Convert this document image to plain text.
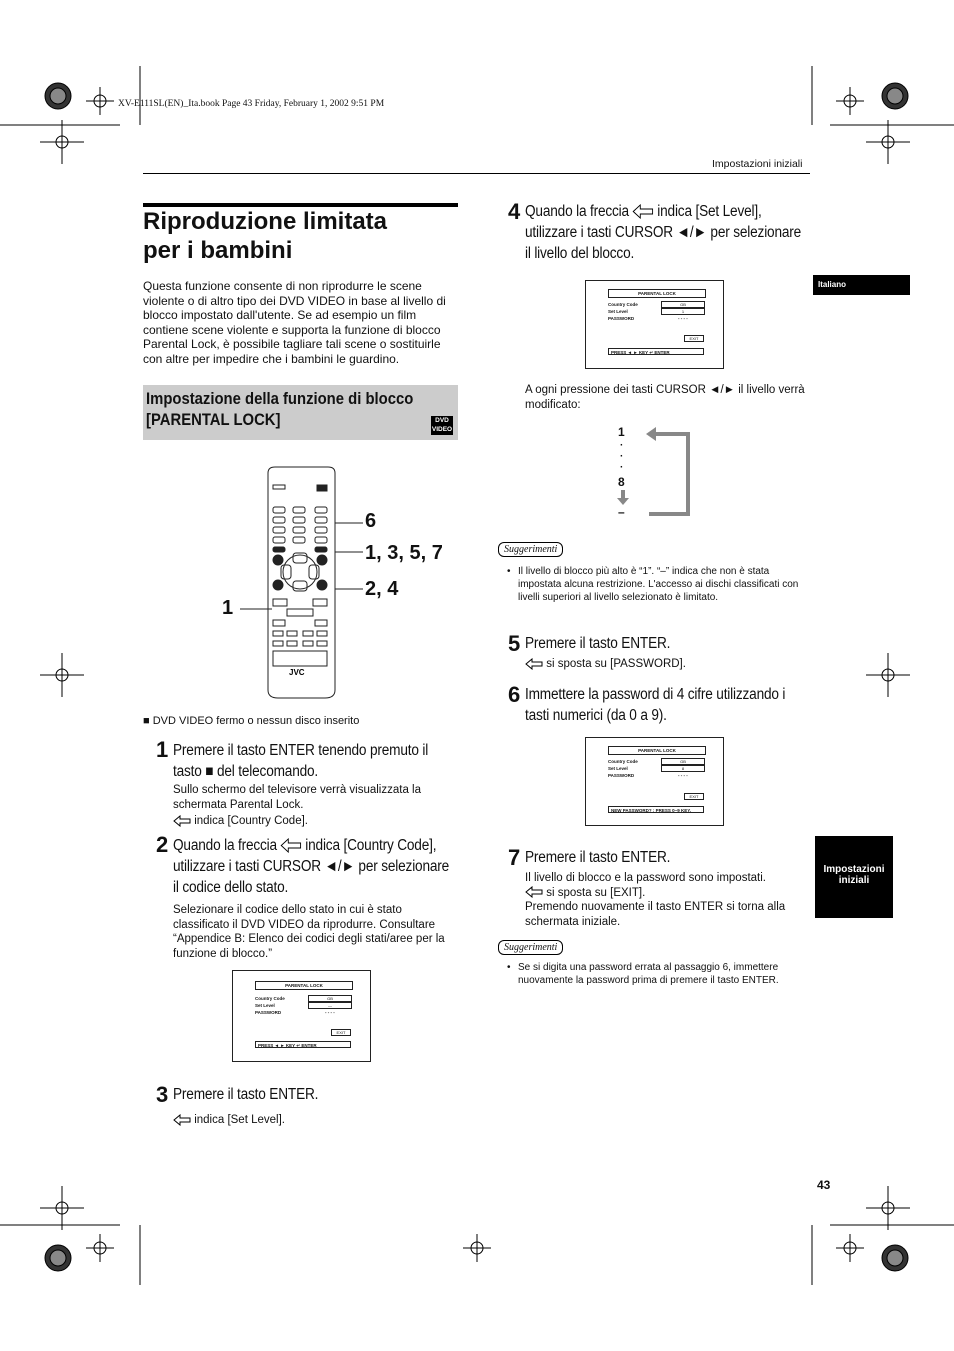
XV-E111SL(EN)_Ita.book Page 43 Friday, February 1, 2002 9:51 PM
Impostazioni iniziali
Italiano
Impostazioni
iniziali
Riproduzione limitata
per i bambini
Questa funzione consente di non riprodurre le scene violente o di altro tipo dei DVD VIDEO in base al livello di blocco impostato dall'utente. Se ad esempio un film contiene scene violente e supporta la funzione di blocco Parental Lock, è possibile tagliare tali scene o sostituirle con altre per impedire che i bambini le guardino.
Impostazione della funzione di blocco
[PARENTAL LOCK]	DVD
VIDEO
JVC
6
1, 3, 5, 7
2, 4
1
■ DVD VIDEO fermo o nessun disco inserito
1 Premere il tasto ENTER tenendo premuto il
tasto ■ del telecomando.
Sullo schermo del televisore verrà visualizzata la schermata Parental Lock.
indica [Country Code].
2 Quando la freccia indica [Country Code],
utilizzare i tasti CURSOR ◄/► per selezionare
il codice dello stato.
Selezionare il codice dello stato in cui è stato classificato il DVD VIDEO da riprodurre. Consultare “Appendice B: Elenco dei codici degli stati/aree per la funzione di blocco.”
PARENTAL LOCK
Country Code
Set Level
PASSWORD
GB
—
- - - -
EXIT
PRESS ◄ ► KEY ↵ ENTER
3 Premere il tasto ENTER.
indica [Set Level].
4 Quando la freccia indica [Set Level],
utilizzare i tasti CURSOR ◄/► per selezionare
il livello del blocco.
PARENTAL LOCK
Country Code
Set Level
PASSWORD
GB
1
- - - -
EXIT
PRESS ◄ ► KEY ↵ ENTER
A ogni pressione dei tasti CURSOR ◄/► il livello verrà modificato:
1
·
·
·
8
–
Suggerimenti
• Il livello di blocco più alto è “1”. “–” indica che non è stata impostata alcuna restrizione. L'accesso ai dischi classificati con livelli superiori al livello selezionato è limitato.
5 Premere il tasto ENTER.
si sposta su [PASSWORD].
6 Immettere la password di 4 cifre utilizzando i
tasti numerici (da 0 a 9).
PARENTAL LOCK
Country Code
Set Level
PASSWORD
GB
8
- - - -
EXIT
NEW PASSWORD? : PRESS 0~9 KEY.
7 Premere il tasto ENTER.
Il livello di blocco e la password sono impostati.
si sposta su [EXIT].
Premendo nuovamente il tasto ENTER si torna alla schermata iniziale.
Suggerimenti
• Se si digita una password errata al passaggio 6, immettere nuovamente la password prima di premere il tasto ENTER.
43
